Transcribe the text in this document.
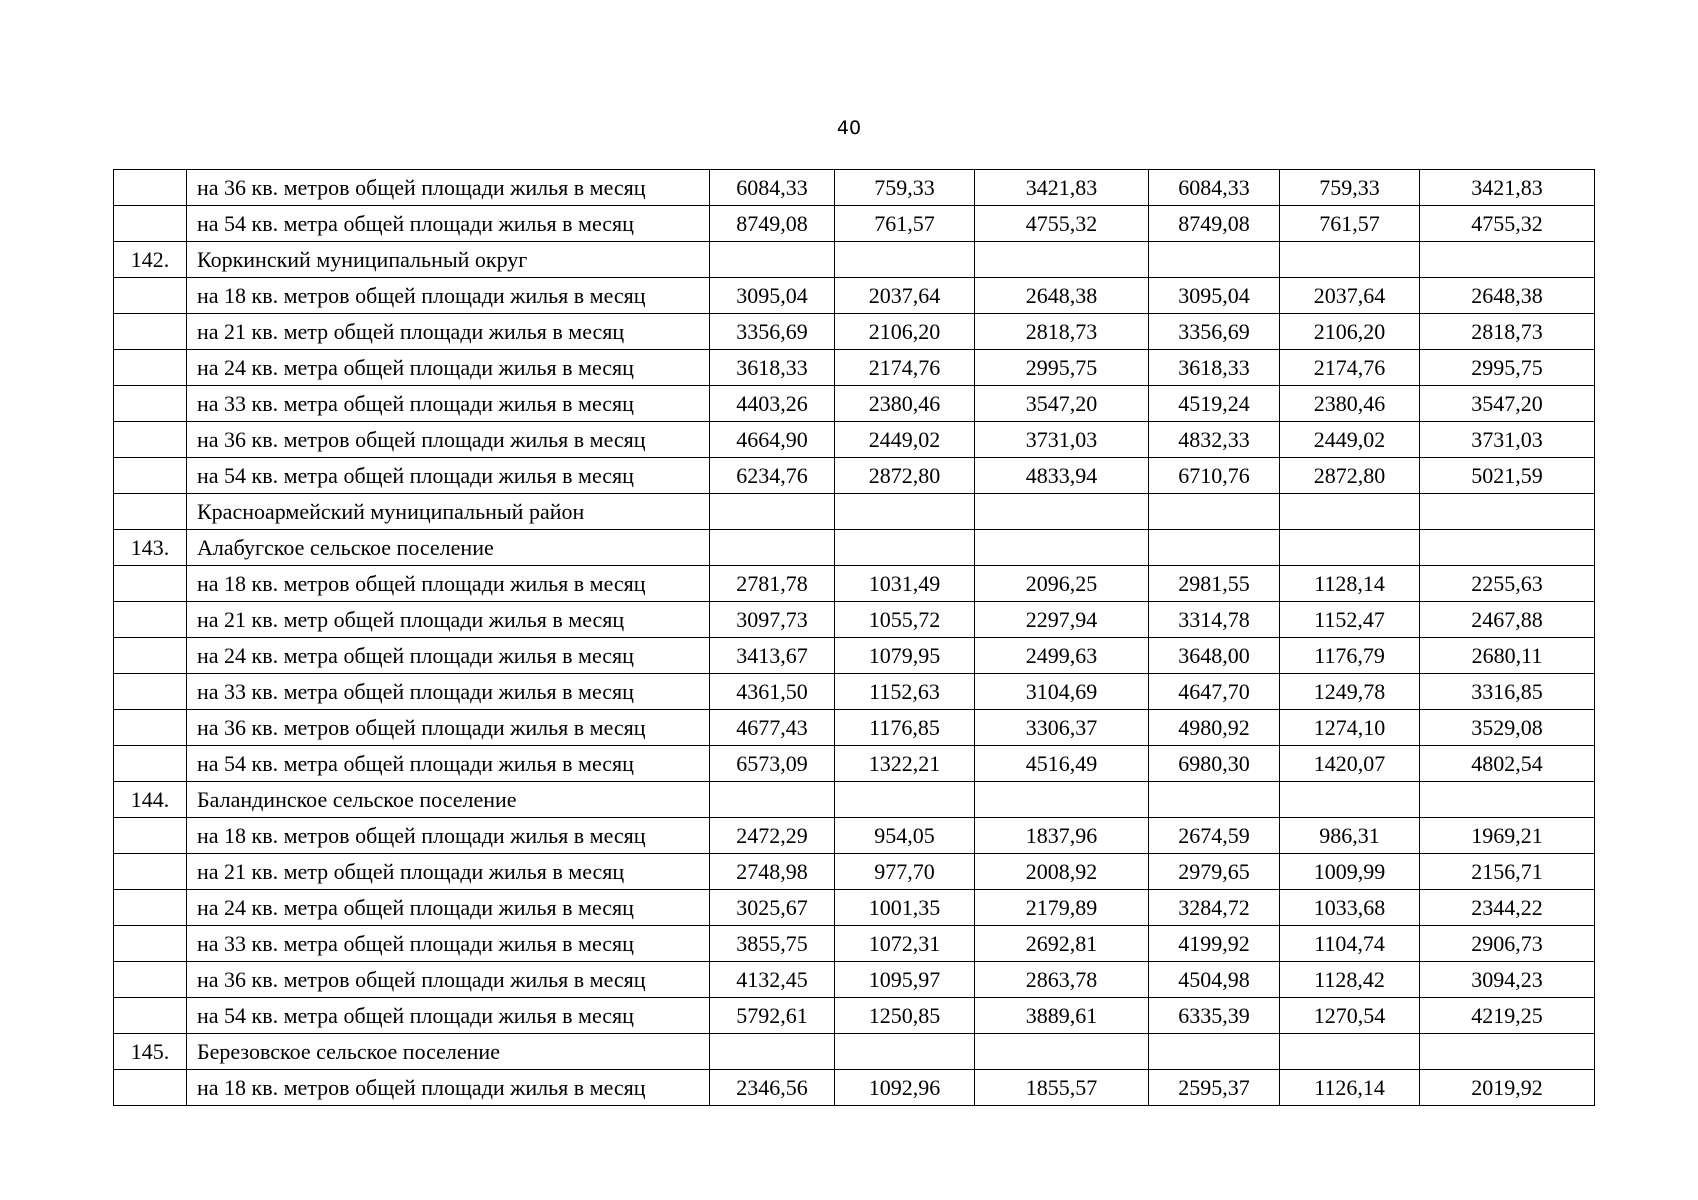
40
	на 36 кв. метров общей площади жилья в месяц	6084,33	759,33	3421,83	6084,33	759,33	3421,83
	на 54 кв. метра общей площади жилья в месяц	8749,08	761,57	4755,32	8749,08	761,57	4755,32
142.	Коркинский муниципальный округ						
	на 18 кв. метров общей площади жилья в месяц	3095,04	2037,64	2648,38	3095,04	2037,64	2648,38
	на 21 кв. метр общей площади жилья в месяц	3356,69	2106,20	2818,73	3356,69	2106,20	2818,73
	на 24 кв. метра общей площади жилья в месяц	3618,33	2174,76	2995,75	3618,33	2174,76	2995,75
	на 33 кв. метра общей площади жилья в месяц	4403,26	2380,46	3547,20	4519,24	2380,46	3547,20
	на 36 кв. метров общей площади жилья в месяц	4664,90	2449,02	3731,03	4832,33	2449,02	3731,03
	на 54 кв. метра общей площади жилья в месяц	6234,76	2872,80	4833,94	6710,76	2872,80	5021,59
	Красноармейский муниципальный район						
143.	Алабугское сельское поселение						
	на 18 кв. метров общей площади жилья в месяц	2781,78	1031,49	2096,25	2981,55	1128,14	2255,63
	на 21 кв. метр общей площади жилья в месяц	3097,73	1055,72	2297,94	3314,78	1152,47	2467,88
	на 24 кв. метра общей площади жилья в месяц	3413,67	1079,95	2499,63	3648,00	1176,79	2680,11
	на 33 кв. метра общей площади жилья в месяц	4361,50	1152,63	3104,69	4647,70	1249,78	3316,85
	на 36 кв. метров общей площади жилья в месяц	4677,43	1176,85	3306,37	4980,92	1274,10	3529,08
	на 54 кв. метра общей площади жилья в месяц	6573,09	1322,21	4516,49	6980,30	1420,07	4802,54
144.	Баландинское сельское поселение						
	на 18 кв. метров общей площади жилья в месяц	2472,29	954,05	1837,96	2674,59	986,31	1969,21
	на 21 кв. метр общей площади жилья в месяц	2748,98	977,70	2008,92	2979,65	1009,99	2156,71
	на 24 кв. метра общей площади жилья в месяц	3025,67	1001,35	2179,89	3284,72	1033,68	2344,22
	на 33 кв. метра общей площади жилья в месяц	3855,75	1072,31	2692,81	4199,92	1104,74	2906,73
	на 36 кв. метров общей площади жилья в месяц	4132,45	1095,97	2863,78	4504,98	1128,42	3094,23
	на 54 кв. метра общей площади жилья в месяц	5792,61	1250,85	3889,61	6335,39	1270,54	4219,25
145.	Березовское сельское поселение						
	на 18 кв. метров общей площади жилья в месяц	2346,56	1092,96	1855,57	2595,37	1126,14	2019,92
